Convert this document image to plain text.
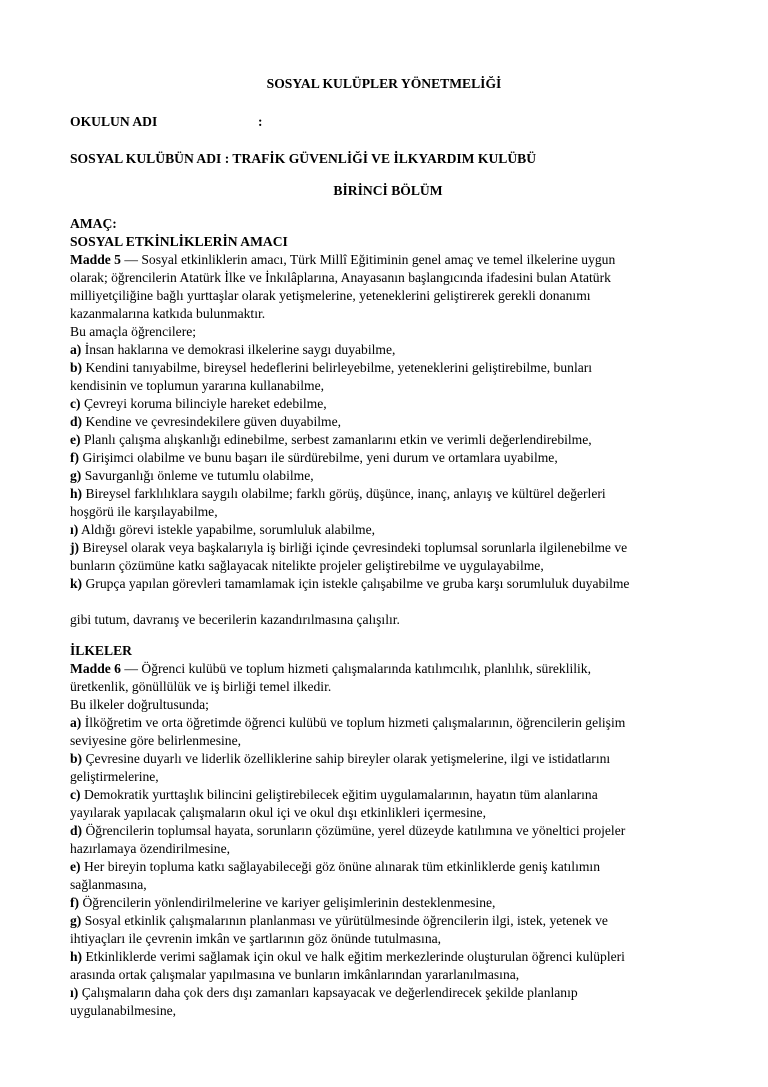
SOSYAL KULÜPLER YÖNETMELİĞİ
OKULUN ADI	:
SOSYAL KULÜBÜN ADI : TRAFİK GÜVENLİĞİ VE İLKYARDIM KULÜBÜ
BİRİNCİ BÖLÜM
AMAÇ:
SOSYAL ETKİNLİKLERİN AMACI
Madde 5 — Sosyal etkinliklerin amacı, Türk Millî Eğitiminin genel amaç ve temel ilkelerine uygun
olarak; öğrencilerin Atatürk İlke ve İnkılâplarına, Anayasanın başlangıcında ifadesini bulan Atatürk
milliyetçiliğine bağlı yurttaşlar olarak yetişmelerine, yeteneklerini geliştirerek gerekli donanımı
kazanmalarına katkıda bulunmaktır.
Bu amaçla öğrencilere;
a) İnsan haklarına ve demokrasi ilkelerine saygı duyabilme,
b) Kendini tanıyabilme, bireysel hedeflerini belirleyebilme, yeteneklerini geliştirebilme, bunları
kendisinin ve toplumun yararına kullanabilme,
c) Çevreyi koruma bilinciyle hareket edebilme,
d) Kendine ve çevresindekilere güven duyabilme,
e) Planlı çalışma alışkanlığı edinebilme, serbest zamanlarını etkin ve verimli değerlendirebilme,
f) Girişimci olabilme ve bunu başarı ile sürdürebilme, yeni durum ve ortamlara uyabilme,
g) Savurganlığı önleme ve tutumlu olabilme,
h) Bireysel farklılıklara saygılı olabilme; farklı görüş, düşünce, inanç, anlayış ve kültürel değerleri
hoşgörü ile karşılayabilme,
ı) Aldığı görevi istekle yapabilme, sorumluluk alabilme,
j) Bireysel olarak veya başkalarıyla iş birliği içinde çevresindeki toplumsal sorunlarla ilgilenebilme ve
bunların çözümüne katkı sağlayacak nitelikte projeler geliştirebilme ve uygulayabilme,
k) Grupça yapılan görevleri tamamlamak için istekle çalışabilme ve gruba karşı sorumluluk duyabilme
gibi tutum, davranış ve becerilerin kazandırılmasına çalışılır.
İLKELER
Madde 6 — Öğrenci kulübü ve toplum hizmeti çalışmalarında katılımcılık, planlılık, süreklilik,
üretkenlik, gönüllülük ve iş birliği temel ilkedir.
Bu ilkeler doğrultusunda;
a) İlköğretim ve orta öğretimde öğrenci kulübü ve toplum hizmeti çalışmalarının, öğrencilerin gelişim
seviyesine göre belirlenmesine,
b) Çevresine duyarlı ve liderlik özelliklerine sahip bireyler olarak yetişmelerine, ilgi ve istidatlarını
geliştirmelerine,
c) Demokratik yurttaşlık bilincini geliştirebilecek eğitim uygulamalarının, hayatın tüm alanlarına
yayılarak yapılacak çalışmaların okul içi ve okul dışı etkinlikleri içermesine,
d) Öğrencilerin toplumsal hayata, sorunların çözümüne, yerel düzeyde katılımına ve yöneltici projeler
hazırlamaya özendirilmesine,
e) Her bireyin topluma katkı sağlayabileceği göz önüne alınarak tüm etkinliklerde geniş katılımın
sağlanmasına,
f) Öğrencilerin yönlendirilmelerine ve kariyer gelişimlerinin desteklenmesine,
g) Sosyal etkinlik çalışmalarının planlanması ve yürütülmesinde öğrencilerin ilgi, istek, yetenek ve
ihtiyaçları ile çevrenin imkân ve şartlarının göz önünde tutulmasına,
h) Etkinliklerde verimi sağlamak için okul ve halk eğitim merkezlerinde oluşturulan öğrenci kulüpleri
arasında ortak çalışmalar yapılmasına ve bunların imkânlarından yararlanılmasına,
ı) Çalışmaların daha çok ders dışı zamanları kapsayacak ve değerlendirecek şekilde planlanıp
uygulanabilmesine,
